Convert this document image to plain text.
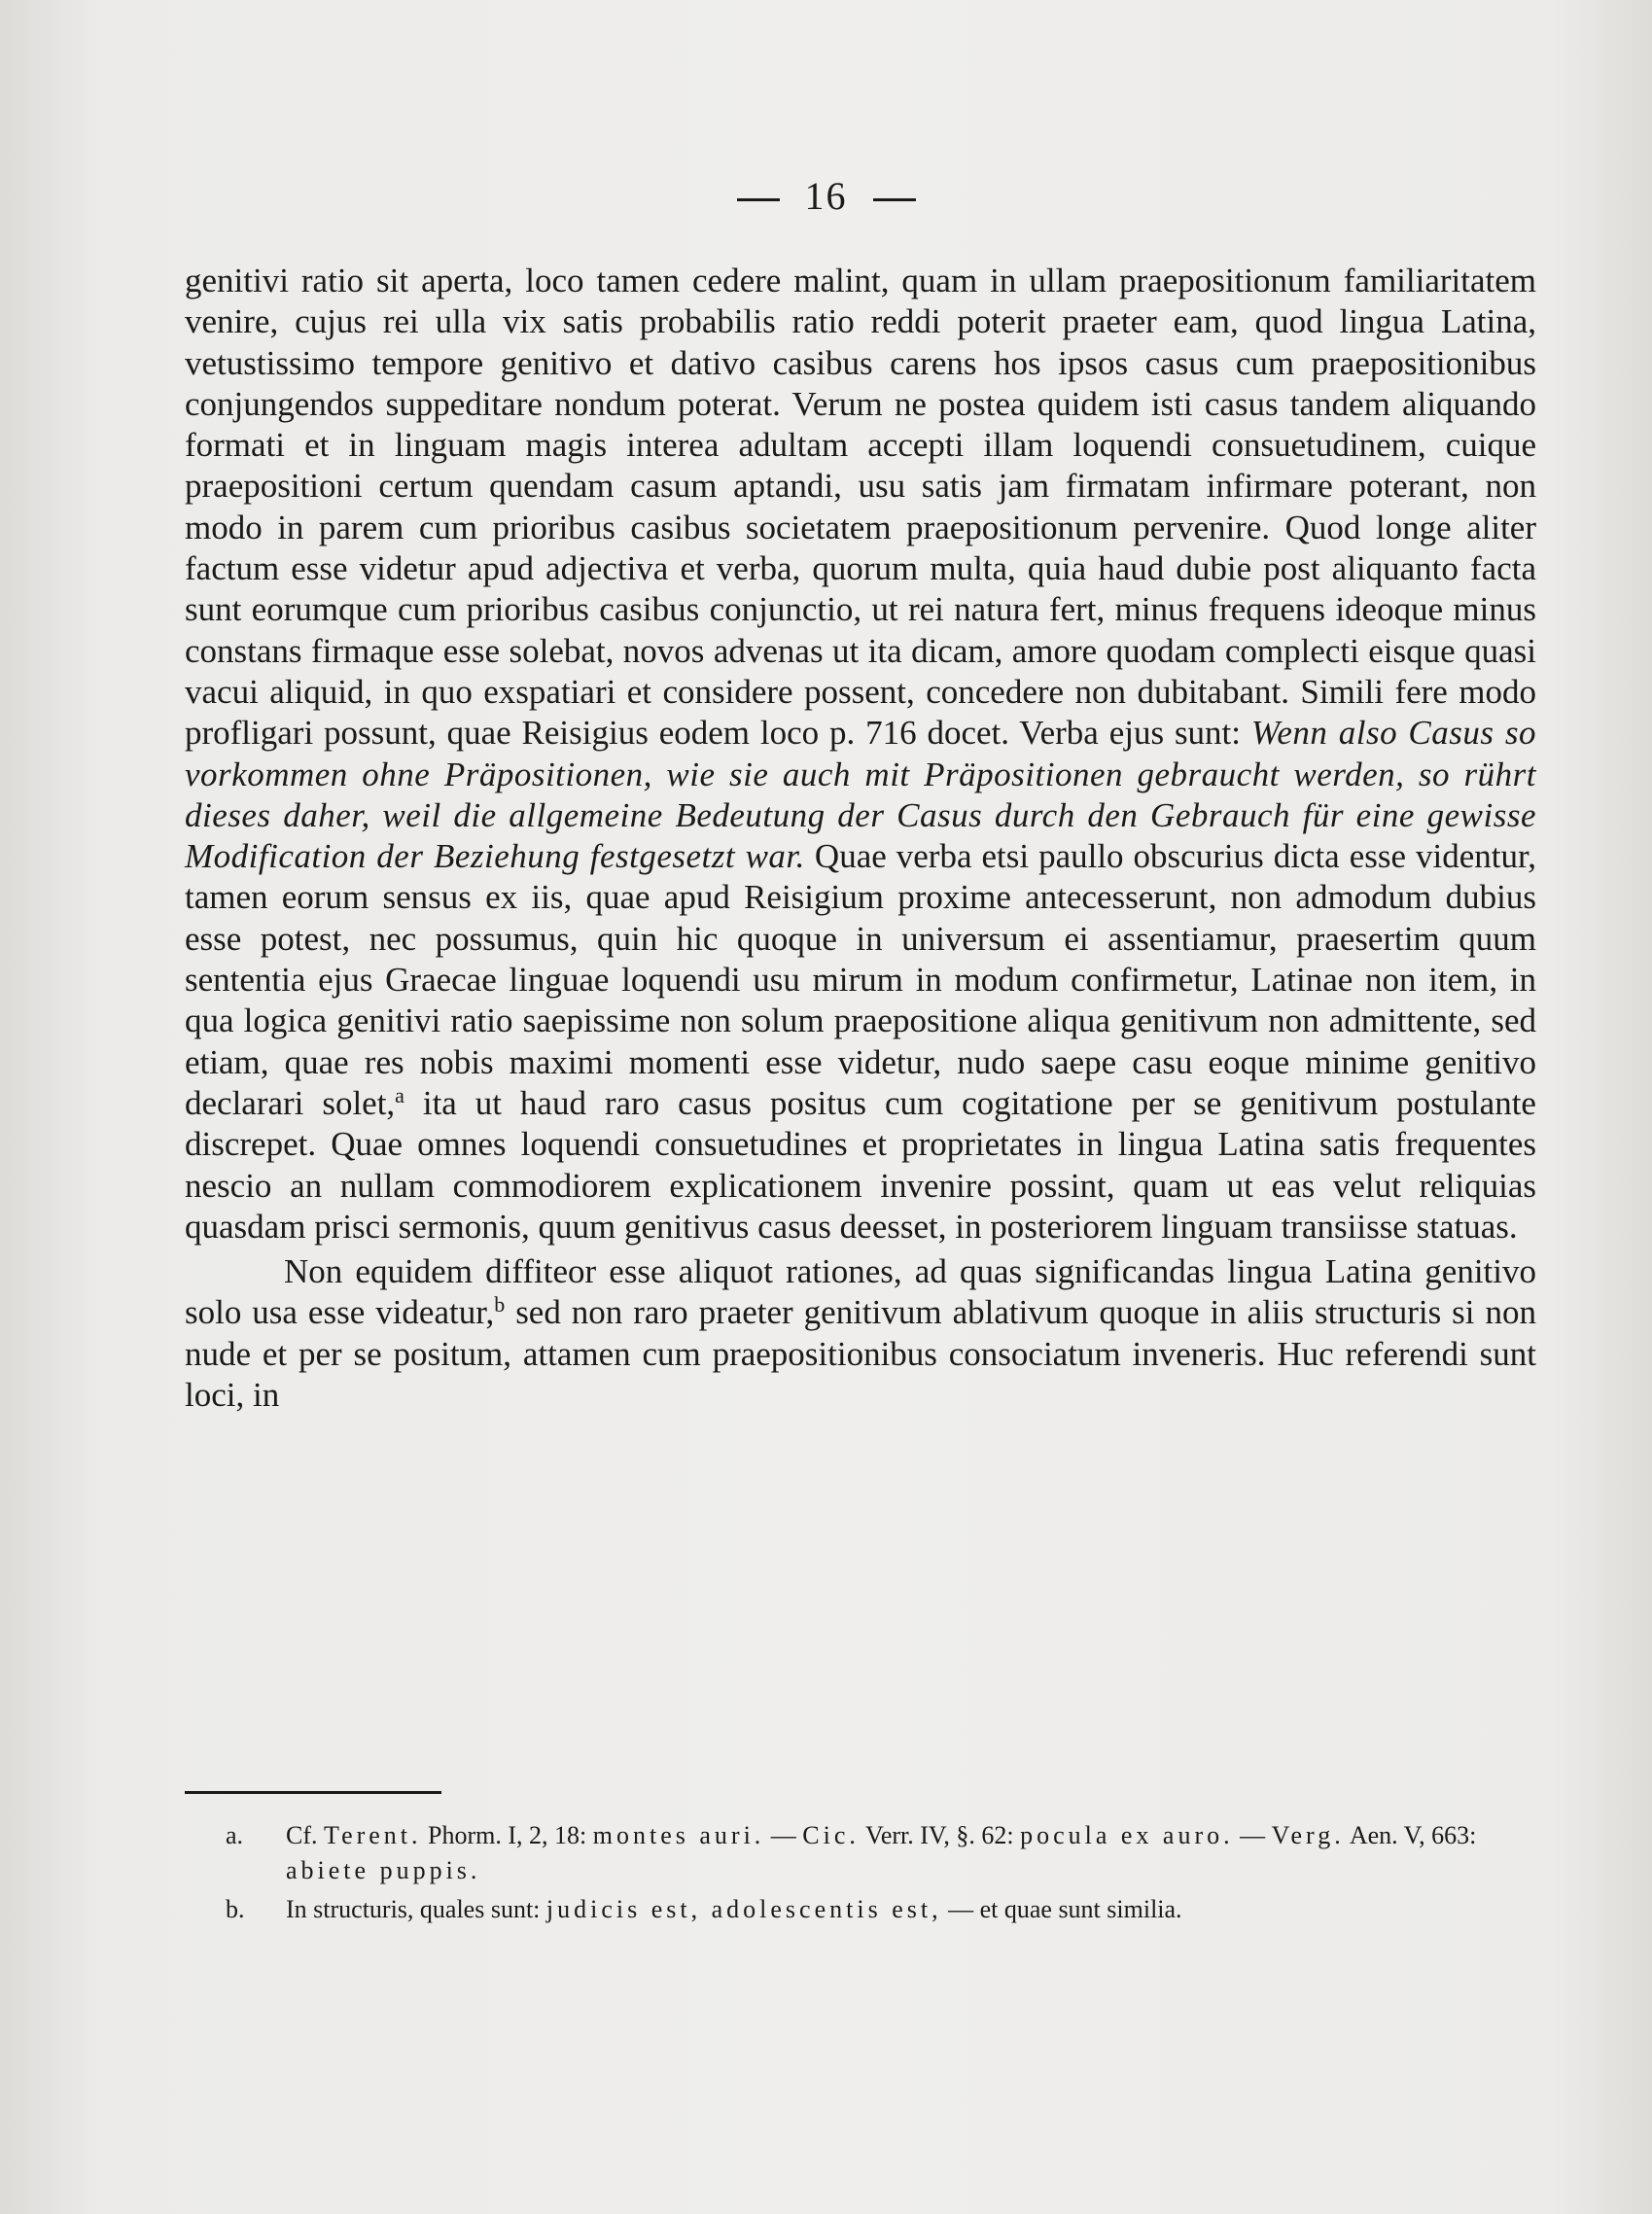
16

genitivi ratio sit aperta, loco tamen cedere malint, quam in ullam praepositionum familiaritatem venire, cujus rei ulla vix satis probabilis ratio reddi poterit praeter eam, quod lingua Latina, vetustissimo tempore genitivo et dativo casibus carens hos ipsos casus cum praepositionibus conjungendos suppeditare nondum poterat. Verum ne postea quidem isti casus tandem aliquando formati et in linguam magis interea adultam accepti illam loquendi consuetudinem, cuique praepositioni certum quendam casum aptandi, usu satis jam firmatam infirmare poterant, non modo in parem cum prioribus casibus societatem praepositionum pervenire. Quod longe aliter factum esse videtur apud adjectiva et verba, quorum multa, quia haud dubie post aliquanto facta sunt eorumque cum prioribus casibus conjunctio, ut rei natura fert, minus frequens ideoque minus constans firmaque esse solebat, novos advenas ut ita dicam, amore quodam complecti eisque quasi vacui aliquid, in quo exspatiari et considere possent, concedere non dubitabant. Simili fere modo profligari possunt, quae Reisigius eodem loco p. 716 docet. Verba ejus sunt: Wenn also Casus so vorkommen ohne Präpositionen, wie sie auch mit Präpositionen gebraucht werden, so rührt dieses daher, weil die allgemeine Bedeutung der Casus durch den Gebrauch für eine gewisse Modification der Beziehung festgesetzt war. Quae verba etsi paullo obscurius dicta esse videntur, tamen eorum sensus ex iis, quae apud Reisigium proxime antecesserunt, non admodum dubius esse potest, nec possumus, quin hic quoque in universum ei assentiamur, praesertim quum sententia ejus Graecae linguae loquendi usu mirum in modum confirmetur, Latinae non item, in qua logica genitivi ratio saepissime non solum praepositione aliqua genitivum non admittente, sed etiam, quae res nobis maximi momenti esse videtur, nudo saepe casu eoque minime genitivo declarari solet,$^a$ ita ut haud raro casus positus cum cogitatione per se genitivum postulante discrepet. Quae omnes loquendi consuetudines et proprietates in lingua Latina satis frequentes nescio an nullam commodiorem explicationem invenire possint, quam ut eas velut reliquias quasdam prisci sermonis, quum genitivus casus deesset, in posteriorem linguam transiisse statuas.

Non equidem diffiteor esse aliquot rationes, ad quas significandas lingua Latina genitivo solo usa esse videatur,$^b$ sed non raro praeter genitivum ablativum quoque in aliis structuris si non nude et per se positum, attamen cum praepositionibus consociatum inveneris. Huc referendi sunt loci, in

a. Cf. Terent. Phorm. I, 2, 18: montes auri. — Cic. Verr. IV, §. 62: pocula ex auro. — Verg. Aen. V, 663: abiete puppis.
b. In structuris, quales sunt: judicis est, adolescentis est, — et quae sunt similia.
